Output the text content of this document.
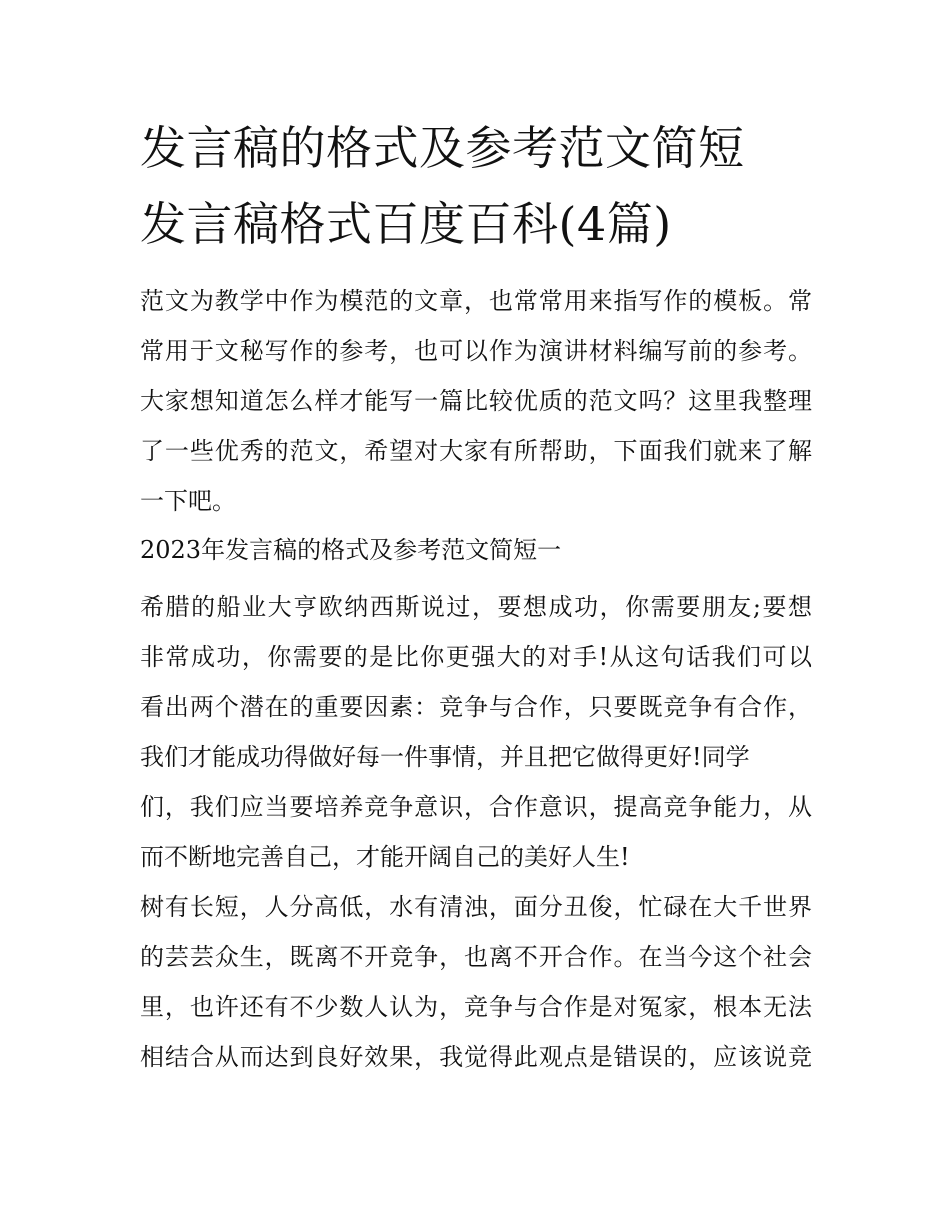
发言稿的格式及参考范文简短
发言稿格式百度百科(4篇)
范文为教学中作为模范的文章，也常常用来指写作的模板。常
常用于文秘写作的参考，也可以作为演讲材料编写前的参考。
大家想知道怎么样才能写一篇比较优质的范文吗？这里我整理
了一些优秀的范文，希望对大家有所帮助，下面我们就来了解
一下吧。
2023年发言稿的格式及参考范文简短一
希腊的船业大亨欧纳西斯说过，要想成功，你需要朋友;要想
非常成功，你需要的是比你更强大的对手!从这句话我们可以
看出两个潜在的重要因素：竞争与合作，只要既竞争有合作，
我们才能成功得做好每一件事情，并且把它做得更好!同学
们，我们应当要培养竞争意识，合作意识，提高竞争能力，从
而不断地完善自己，才能开阔自己的美好人生!
树有长短，人分高低，水有清浊，面分丑俊，忙碌在大千世界
的芸芸众生，既离不开竞争，也离不开合作。在当今这个社会
里，也许还有不少数人认为，竞争与合作是对冤家，根本无法
相结合从而达到良好效果，我觉得此观点是错误的，应该说竞
